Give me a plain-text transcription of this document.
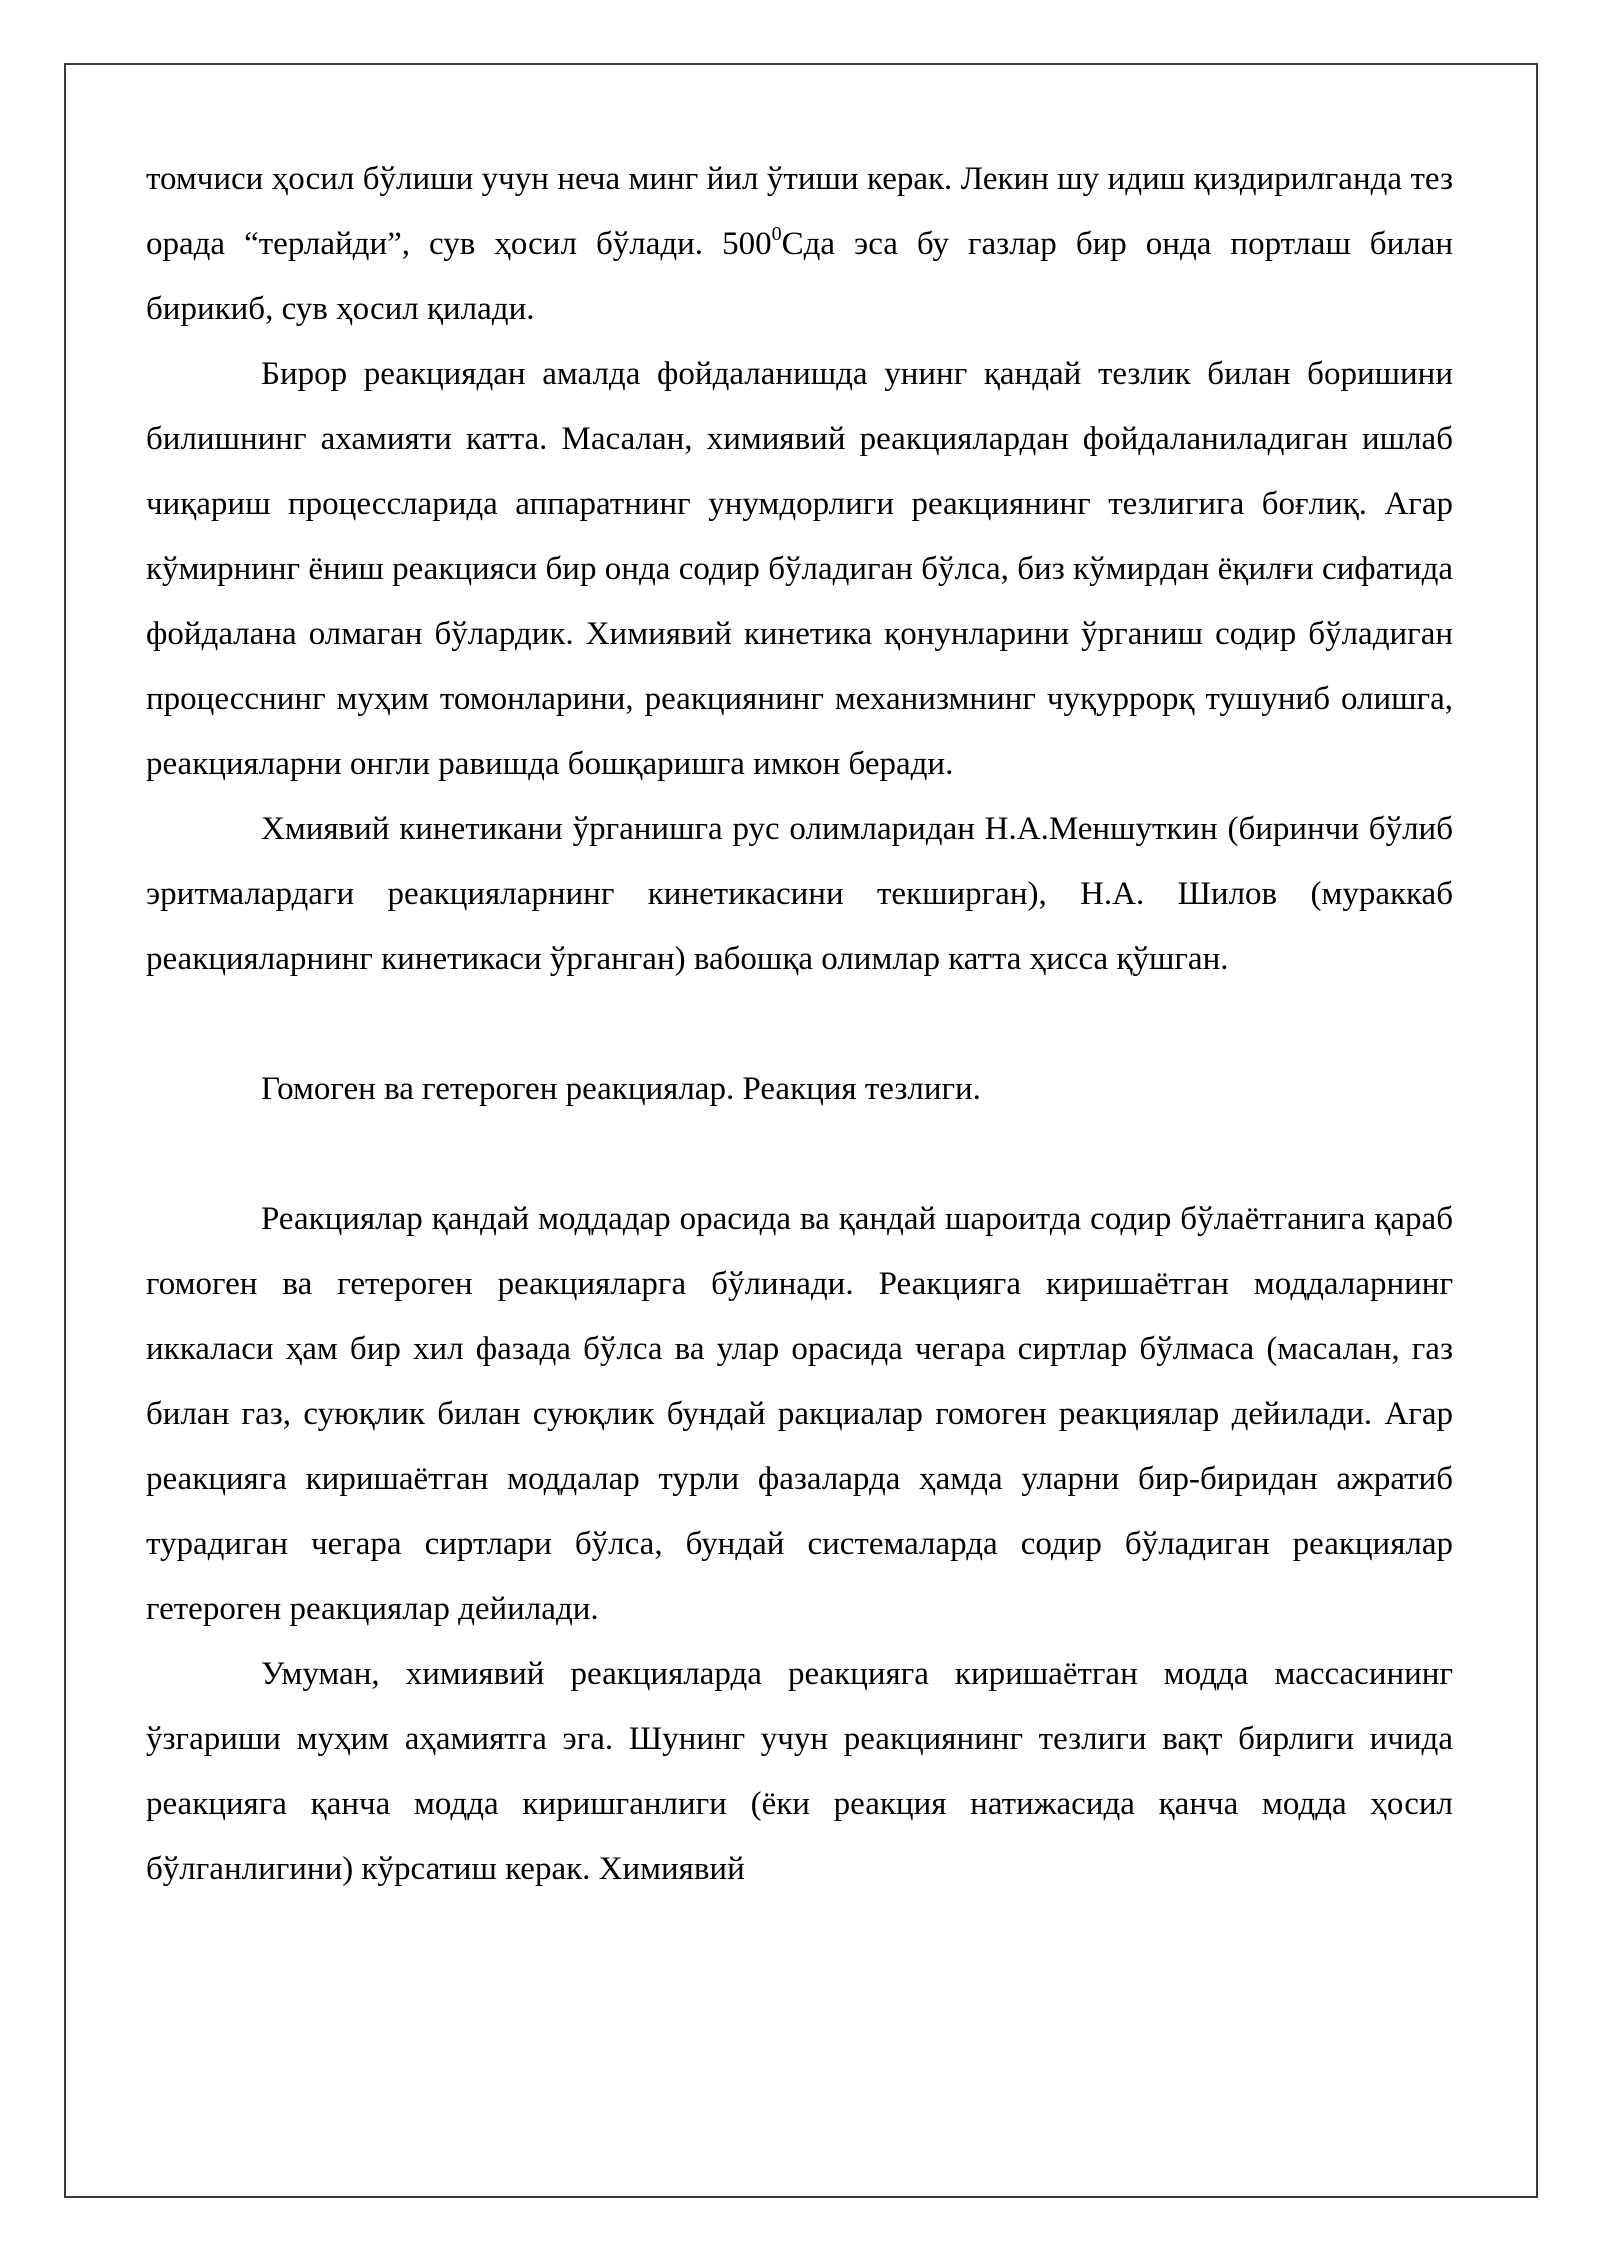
томчиси ҳосил бўлиши учун неча минг йил ўтиши керак. Лекин шу идиш қиздирилганда тез орада “терлайди”, сув ҳосил бўлади. $500^0Сда$ эса бу газлар бир онда портлаш билан бирикиб, сув ҳосил қилади.

Бирор реакциядан амалда фойдаланишда унинг қандай тезлик билан боришини билишнинг ахамияти катта. Масалан, химиявий реакциялардан фойдаланиладиган ишлаб чиқариш процессларида аппаратнинг унумдорлиги реакциянинг тезлигига боғлиқ. Агар кўмирнинг ёниш реакцияси бир онда содир бўладиган бўлса, биз кўмирдан ёқилғи сифатида фойдалана олмаган бўлардик. Химиявий кинетика қонунларини ўрганиш содир бўладиган процесснинг муҳим томонларини, реакциянинг механизмнинг чуқуррорқ тушуниб олишга, реакцияларни онгли равишда бошқаришга имкон беради.

Хмиявий кинетикани ўрганишга рус олимларидан Н.А.Меншуткин (биринчи бўлиб эритмалардаги реакцияларнинг кинетикасини текширган), Н.А. Шилов (мураккаб реакцияларнинг кинетикаси ўрганган) вабошқа олимлар катта ҳисса қўшган.

Гомоген ва гетероген реакциялар. Реакция тезлиги.

Реакциялар қандай моддадар орасида ва қандай шароитда содир бўлаётганига қараб гомоген ва гетероген реакцияларга бўлинади. Реакцияга киришаётган моддаларнинг иккаласи ҳам бир хил фазада бўлса ва улар орасида чегара сиртлар бўлмаса (масалан, газ билан газ, суюқлик билан суюқлик бундай ракциалар гомоген реакциялар дейилади. Агар реакцияга киришаётган моддалар турли фазаларда ҳамда уларни бир-биридан ажратиб турадиган чегара сиртлари бўлса, бундай системаларда содир бўладиган реакциялар гетероген реакциялар дейилади.

Умуман, химиявий реакцияларда реакцияга киришаётган модда массасининг ўзгариши муҳим аҳамиятга эга. Шунинг учун реакциянинг тезлиги вақт бирлиги ичида реакцияга қанча модда киришганлиги (ёки реакция натижасида қанча модда ҳосил бўлганлигини) кўрсатиш керак. Химиявий
